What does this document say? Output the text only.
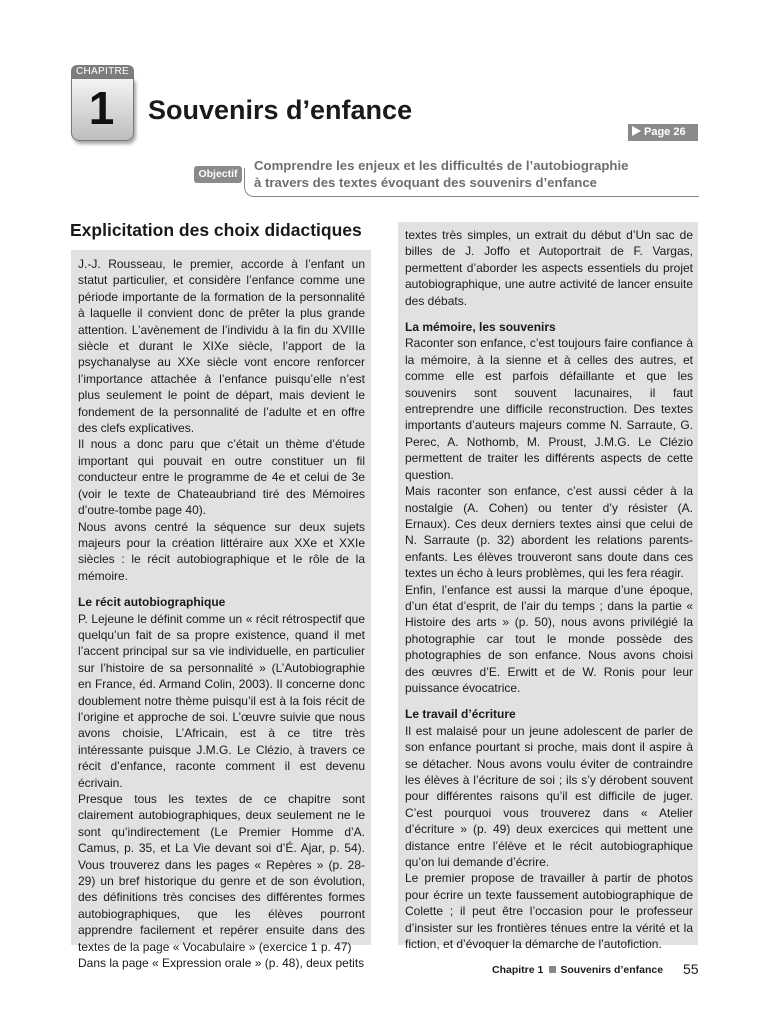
CHAPITRE
1	Souvenirs d’enfance
Page 26
Objectif
Comprendre les enjeux et les difficultés de l’autobiographie
à travers des textes évoquant des souvenirs d’enfance
Explicitation des choix didactiques

J.-J. Rousseau, le premier, accorde à l’enfant un statut particulier, et considère l’enfance comme une période importante de la formation de la personnalité à laquelle il convient donc de prêter la plus grande attention. L’avènement de l’individu à la fin du XVIIIe siècle et durant le XIXe siècle, l’apport de la psychanalyse au XXe siècle vont encore renforcer l’importance attachée à l’enfance puisqu’elle n’est plus seulement le point de départ, mais devient le fondement de la personnalité de l’adulte et en offre des clefs explicatives.

Il nous a donc paru que c’était un thème d’étude important qui pouvait en outre constituer un fil conducteur entre le programme de 4e et celui de 3e (voir le texte de Chateaubriand tiré des Mémoires d’outre-tombe page 40).

Nous avons centré la séquence sur deux sujets majeurs pour la création littéraire aux XXe et XXIe siècles : le récit autobiographique et le rôle de la mémoire.

Le récit autobiographique

P. Lejeune le définit comme un « récit rétrospectif que quelqu’un fait de sa propre existence, quand il met l’accent principal sur sa vie individuelle, en particulier sur l’histoire de sa personnalité » (L’Autobiographie en France, éd. Armand Colin, 2003). Il concerne donc doublement notre thème puisqu’il est à la fois récit de l’origine et approche de soi. L’œuvre suivie que nous avons choisie, L’Africain, est à ce titre très intéressante puisque J.M.G. Le Clézio, à travers ce récit d’enfance, raconte comment il est devenu écrivain.

Presque tous les textes de ce chapitre sont clairement autobiographiques, deux seulement ne le sont qu’indirectement (Le Premier Homme d’A. Camus, p. 35, et La Vie devant soi d’É. Ajar, p. 54). Vous trouverez dans les pages « Repères » (p. 28-29) un bref historique du genre et de son évolution, des définitions très concises des différentes formes autobiographiques, que les élèves pourront apprendre facilement et repérer ensuite dans des textes de la page « Vocabulaire » (exercice 1 p. 47)

Dans la page « Expression orale » (p. 48), deux petits

textes très simples, un extrait du début d’Un sac de billes de J. Joffo et Autoportrait de F. Vargas, permettent d’aborder les aspects essentiels du projet autobiographique, une autre activité de lancer ensuite des débats.

La mémoire, les souvenirs

Raconter son enfance, c’est toujours faire confiance à la mémoire, à la sienne et à celles des autres, et comme elle est parfois défaillante et que les souvenirs sont souvent lacunaires, il faut entreprendre une difficile reconstruction. Des textes importants d’auteurs majeurs comme N. Sarraute, G. Perec, A. Nothomb, M. Proust, J.M.G. Le Clézio permettent de traiter les différents aspects de cette question.

Mais raconter son enfance, c’est aussi céder à la nostalgie (A. Cohen) ou tenter d’y résister (A. Ernaux). Ces deux derniers textes ainsi que celui de N. Sarraute (p. 32) abordent les relations parents-enfants. Les élèves trouveront sans doute dans ces textes un écho à leurs problèmes, qui les fera réagir.

Enfin, l’enfance est aussi la marque d’une époque, d’un état d’esprit, de l’air du temps ; dans la partie « Histoire des arts » (p. 50), nous avons privilégié la photographie car tout le monde possède des photographies de son enfance. Nous avons choisi des œuvres d’E. Erwitt et de W. Ronis pour leur puissance évocatrice.

Le travail d’écriture

Il est malaisé pour un jeune adolescent de parler de son enfance pourtant si proche, mais dont il aspire à se détacher. Nous avons voulu éviter de contraindre les élèves à l’écriture de soi ; ils s’y dérobent souvent pour différentes raisons qu’il est difficile de juger. C’est pourquoi vous trouverez dans « Atelier d’écriture » (p. 49) deux exercices qui mettent une distance entre l’élève et le récit autobiographique qu’on lui demande d’écrire.

Le premier propose de travailler à partir de photos pour écrire un texte faussement autobiographique de Colette ; il peut être l’occasion pour le professeur d’insister sur les frontières ténues entre la vérité et la fiction, et d’évoquer la démarche de l’autofiction.

Chapitre 1 Souvenirs d’enfance 55
